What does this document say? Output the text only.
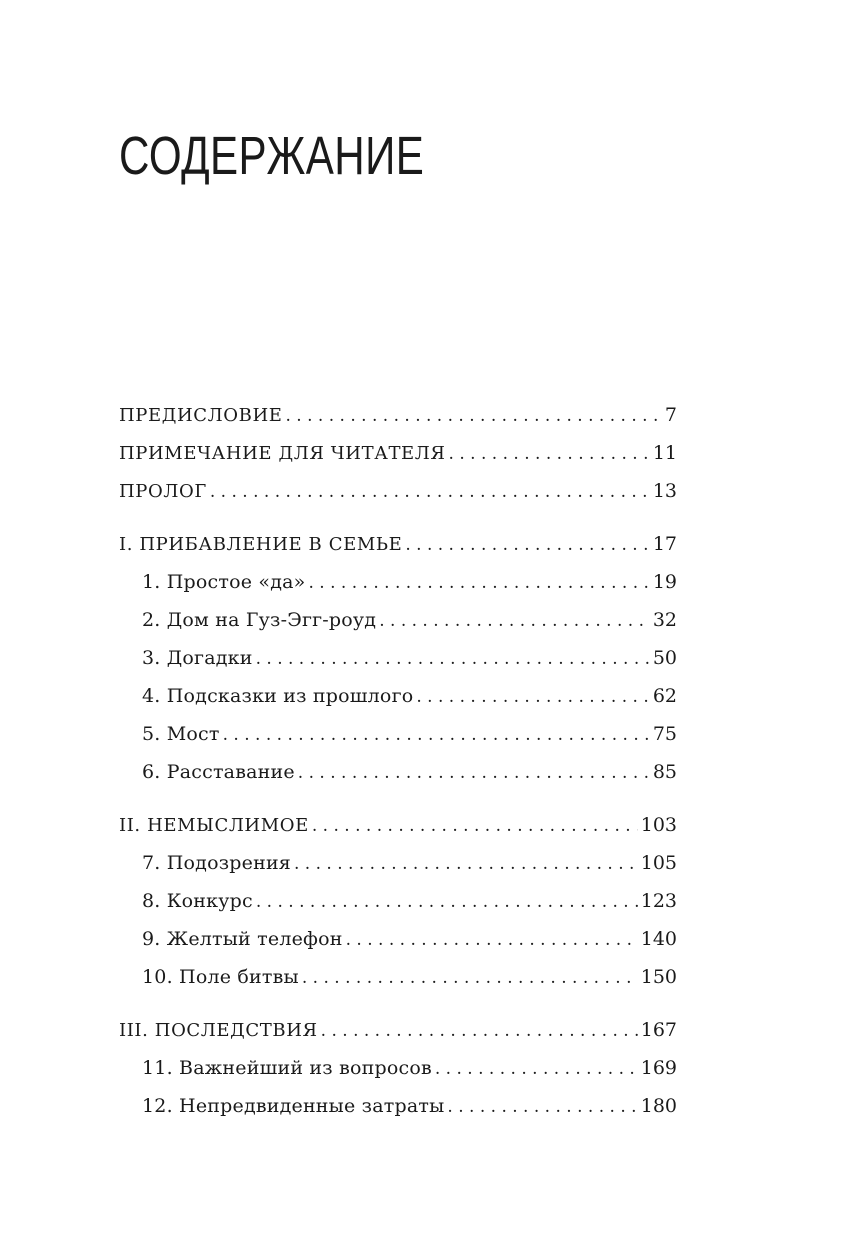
СОДЕРЖАНИЕ
ПРЕДИСЛОВИЕ . . .	7
ПРИМЕЧАНИЕ ДЛЯ ЧИТАТЕЛЯ . . .	11
ПРОЛОГ . . .	13
I. ПРИБАВЛЕНИЕ В СЕМЬЕ . . .	17
1. Простое «да» . . .	19
2. Дом на Гуз-Эгг-роуд . . .	32
3. Догадки . . .	50
4. Подсказки из прошлого . . .	62
5. Мост . . .	75
6. Расставание . . .	85
II. НЕМЫСЛИМОЕ . . .	103
7. Подозрения . . .	105
8. Конкурс . . .	123
9. Желтый телефон . . .	140
10. Поле битвы . . .	150
III. ПОСЛЕДСТВИЯ . . .	167
11. Важнейший из вопросов . . .	169
12. Непредвиденные затраты . . .	180
